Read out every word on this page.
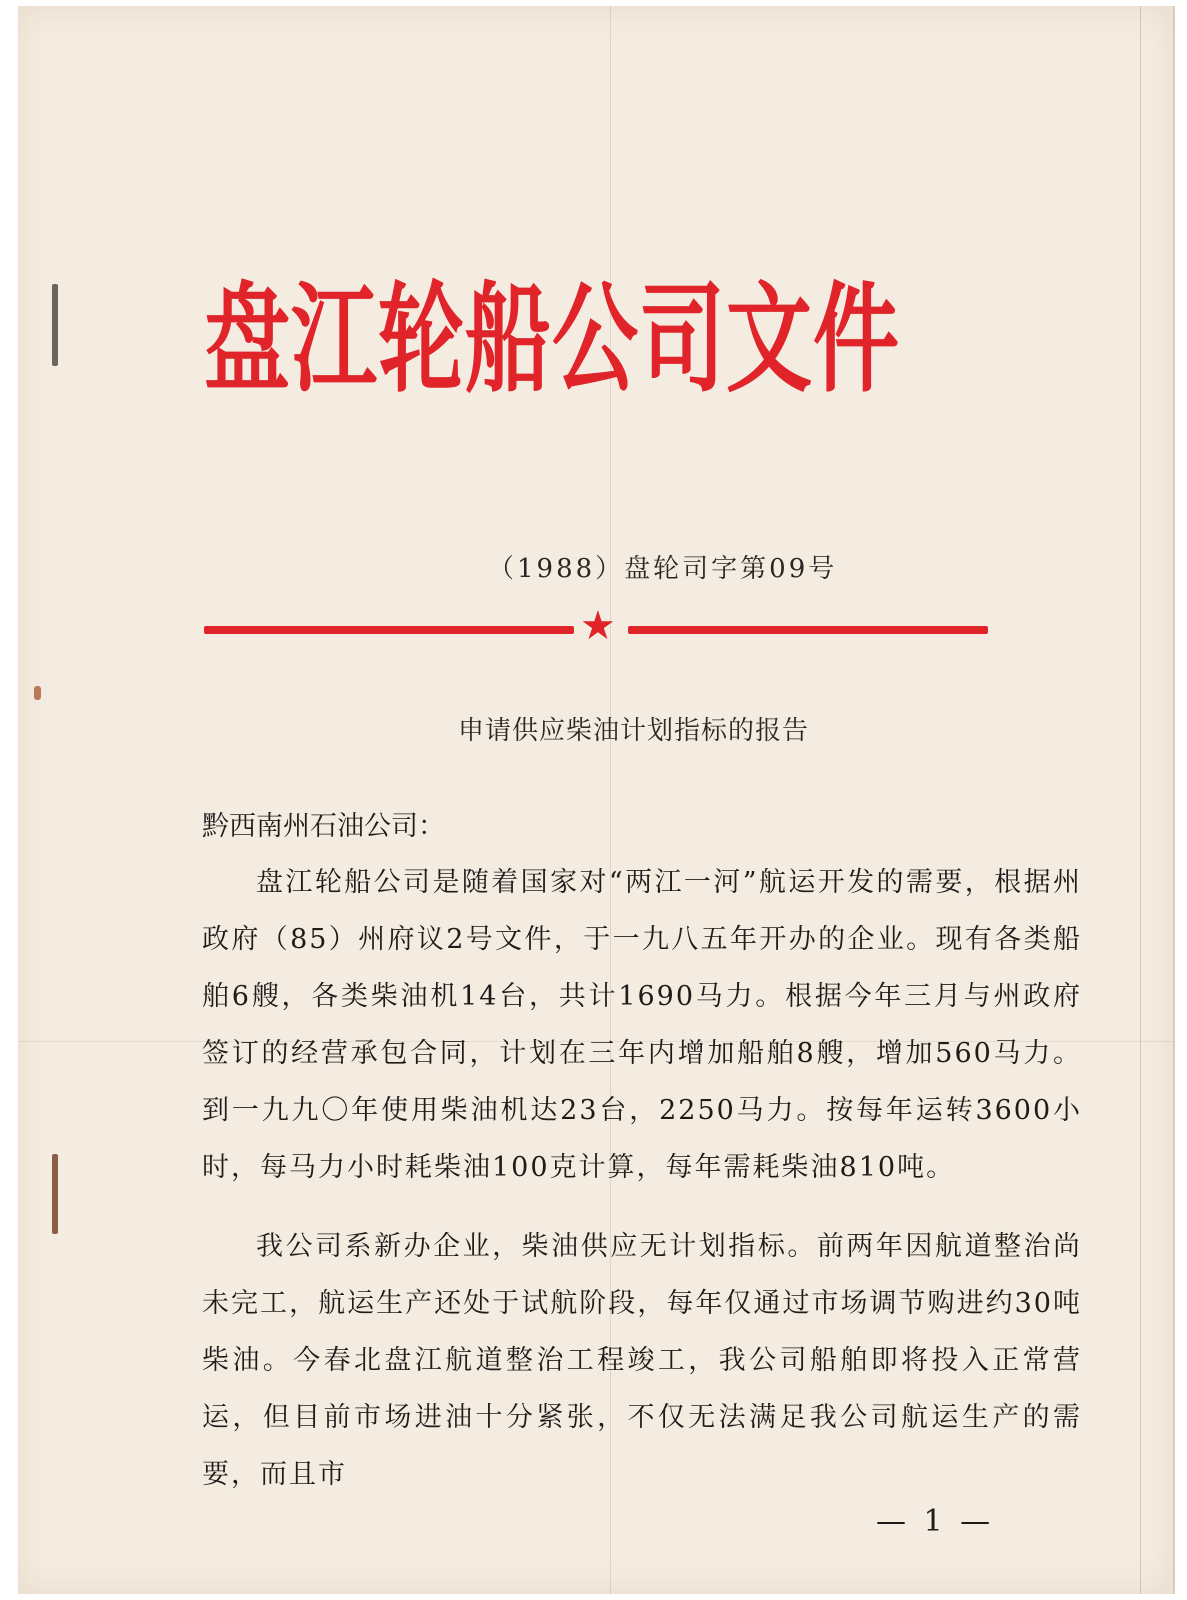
盘江轮船公司文件
（1988）盘轮司字第09号
★
申请供应柴油计划指标的报告
黔西南州石油公司：
盘江轮船公司是随着国家对“两江一河”航运开发的需要，根据州政府（85）州府议2号文件，于一九八五年开办的企业。现有各类船舶6艘，各类柴油机14台，共计1690马力。根据今年三月与州政府签订的经营承包合同，计划在三年内增加船舶8艘，增加560马力。到一九九〇年使用柴油机达23台，2250马力。按每年运转3600小时，每马力小时耗柴油100克计算，每年需耗柴油810吨。
我公司系新办企业，柴油供应无计划指标。前两年因航道整治尚未完工，航运生产还处于试航阶段，每年仅通过市场调节购进约30吨柴油。今春北盘江航道整治工程竣工，我公司船舶即将投入正常营运，但目前市场进油十分紧张，不仅无法满足我公司航运生产的需要，而且市
— 1 —
